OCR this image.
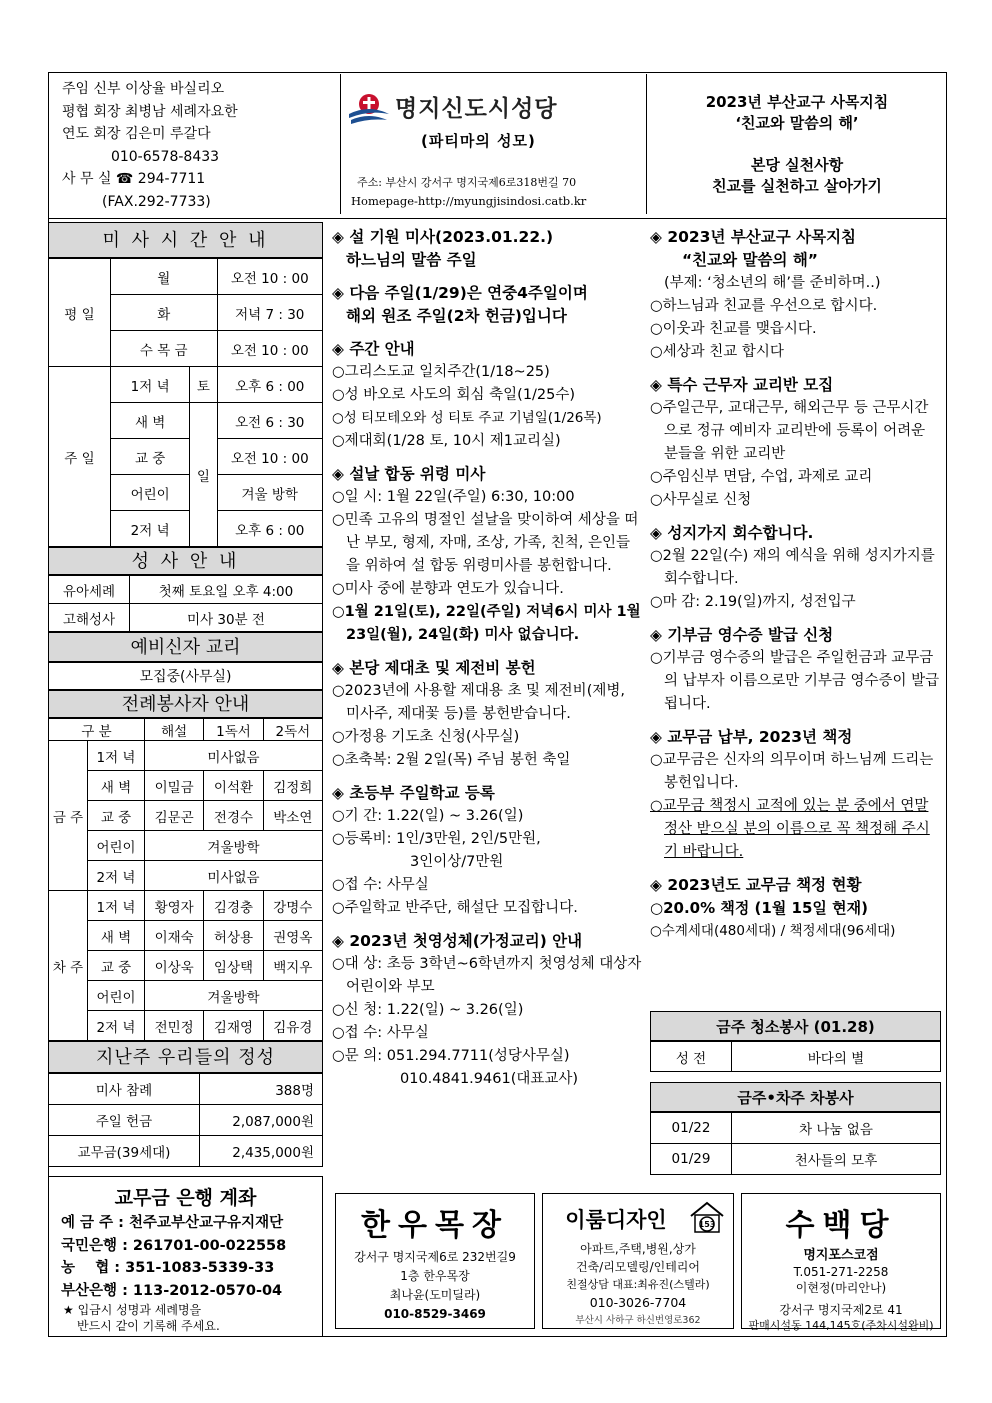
주임 신부 이상율 바실리오
평협 회장 최병남 세례자요한
연도 회장 김은미 루갈다
010-6578-8433
사 무 실 ☎ 294-7711
(FAX.292-7733)
명지신도시성당
(파티마의 성모)
주소: 부산시 강서구 명지국제6로318번길 70
Homepage-http://myungjisindosi.catb.kr
2023년 부산교구 사목지침
‘친교와 말씀의 해’
본당 실천사항
친교를 실천하고 살아가기
미 사 시 간 안 내
평 일	월		오전 10 : 00
	화		저녁 7 : 30
	수 목 금		오전 10 : 00
주 일	1저 녁	토	오후 6 : 00
	새 벽	일	오전 6 : 30
	교 중		오전 10 : 00
	어린이		겨울 방학
	2저 녁		오후 6 : 00
성 사 안 내
유아세례	첫째 토요일 오후 4:00
고해성사	미사 30분 전
예비신자 교리
모집중(사무실)
전례봉사자 안내
구 분		해설	1독서	2독서
금 주	1저 녁	미사없음		
	새 벽	이밀금	이석환	김정희
	교 중	김문곤	전경수	박소연
	어린이	겨울방학		
	2저 녁	미사없음		
차 주	1저 녁	황영자	김경충	강명수
	새 벽	이재숙	허상용	권영옥
	교 중	이상욱	임상택	백지우
	어린이	겨울방학		
	2저 녁	전민정	김재영	김유경
지난주 우리들의 정성
미사 참례	388명
주일 헌금	2,087,000원
교무금(39세대)	2,435,000원
교무금 은행 계좌
예 금 주 : 천주교부산교구유지재단
국민은행 : 261701-00-022558
농    협 : 351-1083-5339-33
부산은행 : 113-2012-0570-04
★ 입금시 성명과 세례명을
반드시 같이 기록해 주세요.
◈ 설 기원 미사(2023.01.22.)
하느님의 말씀 주일
◈ 다음 주일(1/29)은 연중4주일이며
해외 원조 주일(2차 헌금)입니다
◈ 주간 안내
○그리스도교 일치주간(1/18~25)
○성 바오로 사도의 회심 축일(1/25수)
○성 티모테오와 성 티토 주교 기념일(1/26목)
○제대회(1/28 토, 10시 제1교리실)
◈ 설날 합동 위령 미사
○일 시: 1월 22일(주일) 6:30, 10:00
○민족 고유의 명절인 설날을 맞이하여 세상을 떠난 부모, 형제, 자매, 조상, 가족, 친척, 은인들을 위하여 설 합동 위령미사를 봉헌합니다.
○미사 중에 분향과 연도가 있습니다.
○1월 21일(토), 22일(주일) 저녁6시 미사 1월 23일(월), 24일(화) 미사 없습니다.
◈ 본당 제대초 및 제전비 봉헌
○2023년에 사용할 제대용 초 및 제전비(제병, 미사주, 제대꽃 등)를 봉헌받습니다.
○가정용 기도초 신청(사무실)
○초축복: 2월 2일(목) 주님 봉헌 축일
◈ 초등부 주일학교 등록
○기 간: 1.22(일) ~ 3.26(일)
○등록비: 1인/3만원, 2인/5만원,
3인이상/7만원
○접 수: 사무실
○주일학교 반주단, 해설단 모집합니다.
◈ 2023년 첫영성체(가정교리) 안내
○대 상: 초등 3학년~6학년까지 첫영성체 대상자 어린이와 부모
○신 청: 1.22(일) ~ 3.26(일)
○접 수: 사무실
○문 의: 051.294.7711(성당사무실)
010.4841.9461(대표교사)
◈ 2023년 부산교구 사목지침
“친교와 말씀의 해”
(부제: ‘청소년의 해’를 준비하며..)
○하느님과 친교를 우선으로 합시다.
○이웃과 친교를 맺읍시다.
○세상과 친교 합시다
◈ 특수 근무자 교리반 모집
○주일근무, 교대근무, 해외근무 등 근무시간으로 정규 예비자 교리반에 등록이 어려운 분들을 위한 교리반
○주임신부 면담, 수업, 과제로 교리
○사무실로 신청
◈ 성지가지 회수합니다.
○2월 22일(수) 재의 예식을 위해 성지가지를 회수합니다.
○마 감: 2.19(일)까지, 성전입구
◈ 기부금 영수증 발급 신청
○기부금 영수증의 발급은 주일헌금과 교무금의 납부자 이름으로만 기부금 영수증이 발급됩니다.
◈ 교무금 납부, 2023년 책정
○교무금은 신자의 의무이며 하느님께 드리는 봉헌입니다.
○교무금 책정시 교적에 있는 분 중에서 연말정산 받으실 분의 이름으로 꼭 책정해 주시기 바랍니다.
◈ 2023년도 교무금 책정 현황
○20.0% 책정 (1월 15일 현재)
○수계세대(480세대) / 책정세대(96세대)
금주 청소봉사 (01.28)
성 전	바다의 별
금주•차주 차봉사
01/22	차 나눔 없음
01/29	천사들의 모후
한우목장
강서구 명지국제6로 232번길9
1층 한우목장
최나윤(도미딜라)
010-8529-3469
이룸디자인	153
아파트,주택,병원,상가
건축/리모델링/인테리어
친절상담 대표:최유진(스텔라)
010-3026-7704
부산시 사하구 하신번영로362
수백당
명지포스코점
T.051-271-2258
이현정(마리안나)
강서구 명지국제2로 41
판매시설동 144,145호(주차시설완비)
